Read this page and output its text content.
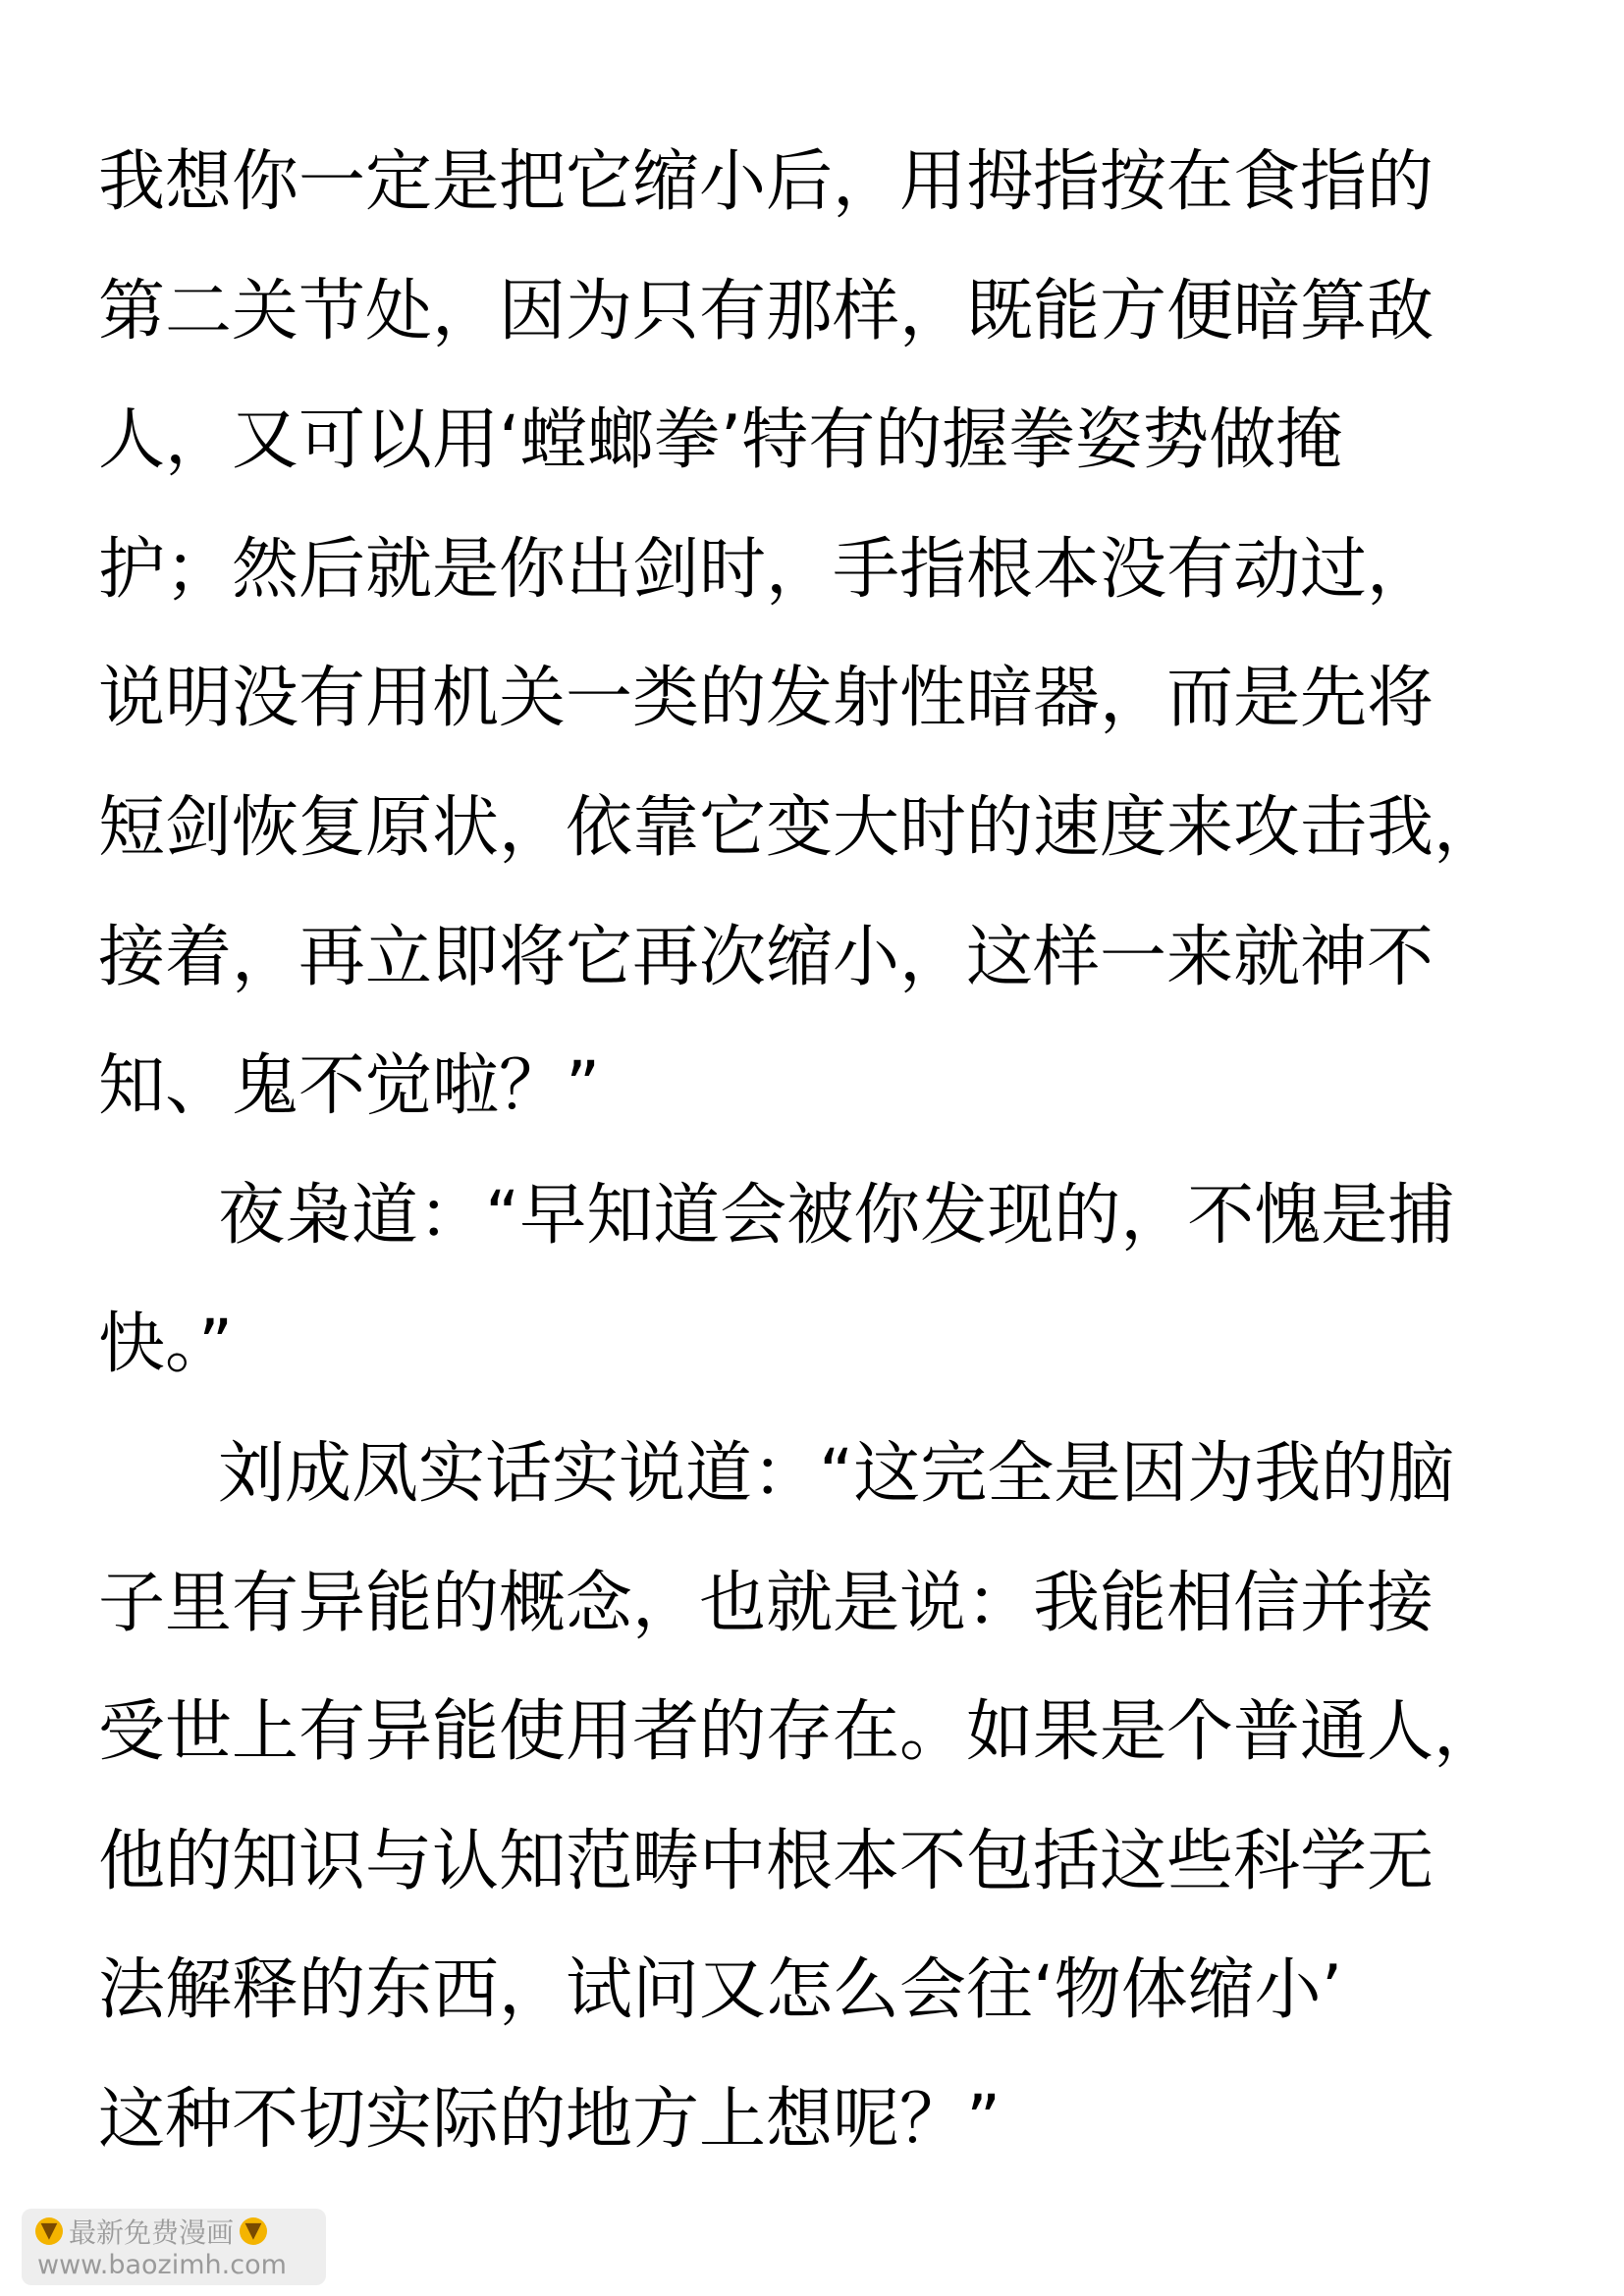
我想你一定是把它缩小后，用拇指按在食指的
第二关节处，因为只有那样，既能方便暗算敌
人，又可以用‘螳螂拳’特有的握拳姿势做掩
护；然后就是你出剑时，手指根本没有动过，
说明没有用机关一类的发射性暗器，而是先将
短剑恢复原状，依靠它变大时的速度来攻击我，
接着，再立即将它再次缩小，这样一来就神不
知、鬼不觉啦？”
夜枭道：“早知道会被你发现的，不愧是捕
快。”
刘成凤实话实说道：“这完全是因为我的脑
子里有异能的概念，也就是说：我能相信并接
受世上有异能使用者的存在。如果是个普通人，
他的知识与认知范畴中根本不包括这些科学无
法解释的东西，试问又怎么会往‘物体缩小’
这种不切实际的地方上想呢？”
▼ 最新免费漫画 ▼
www.baozimh.com
